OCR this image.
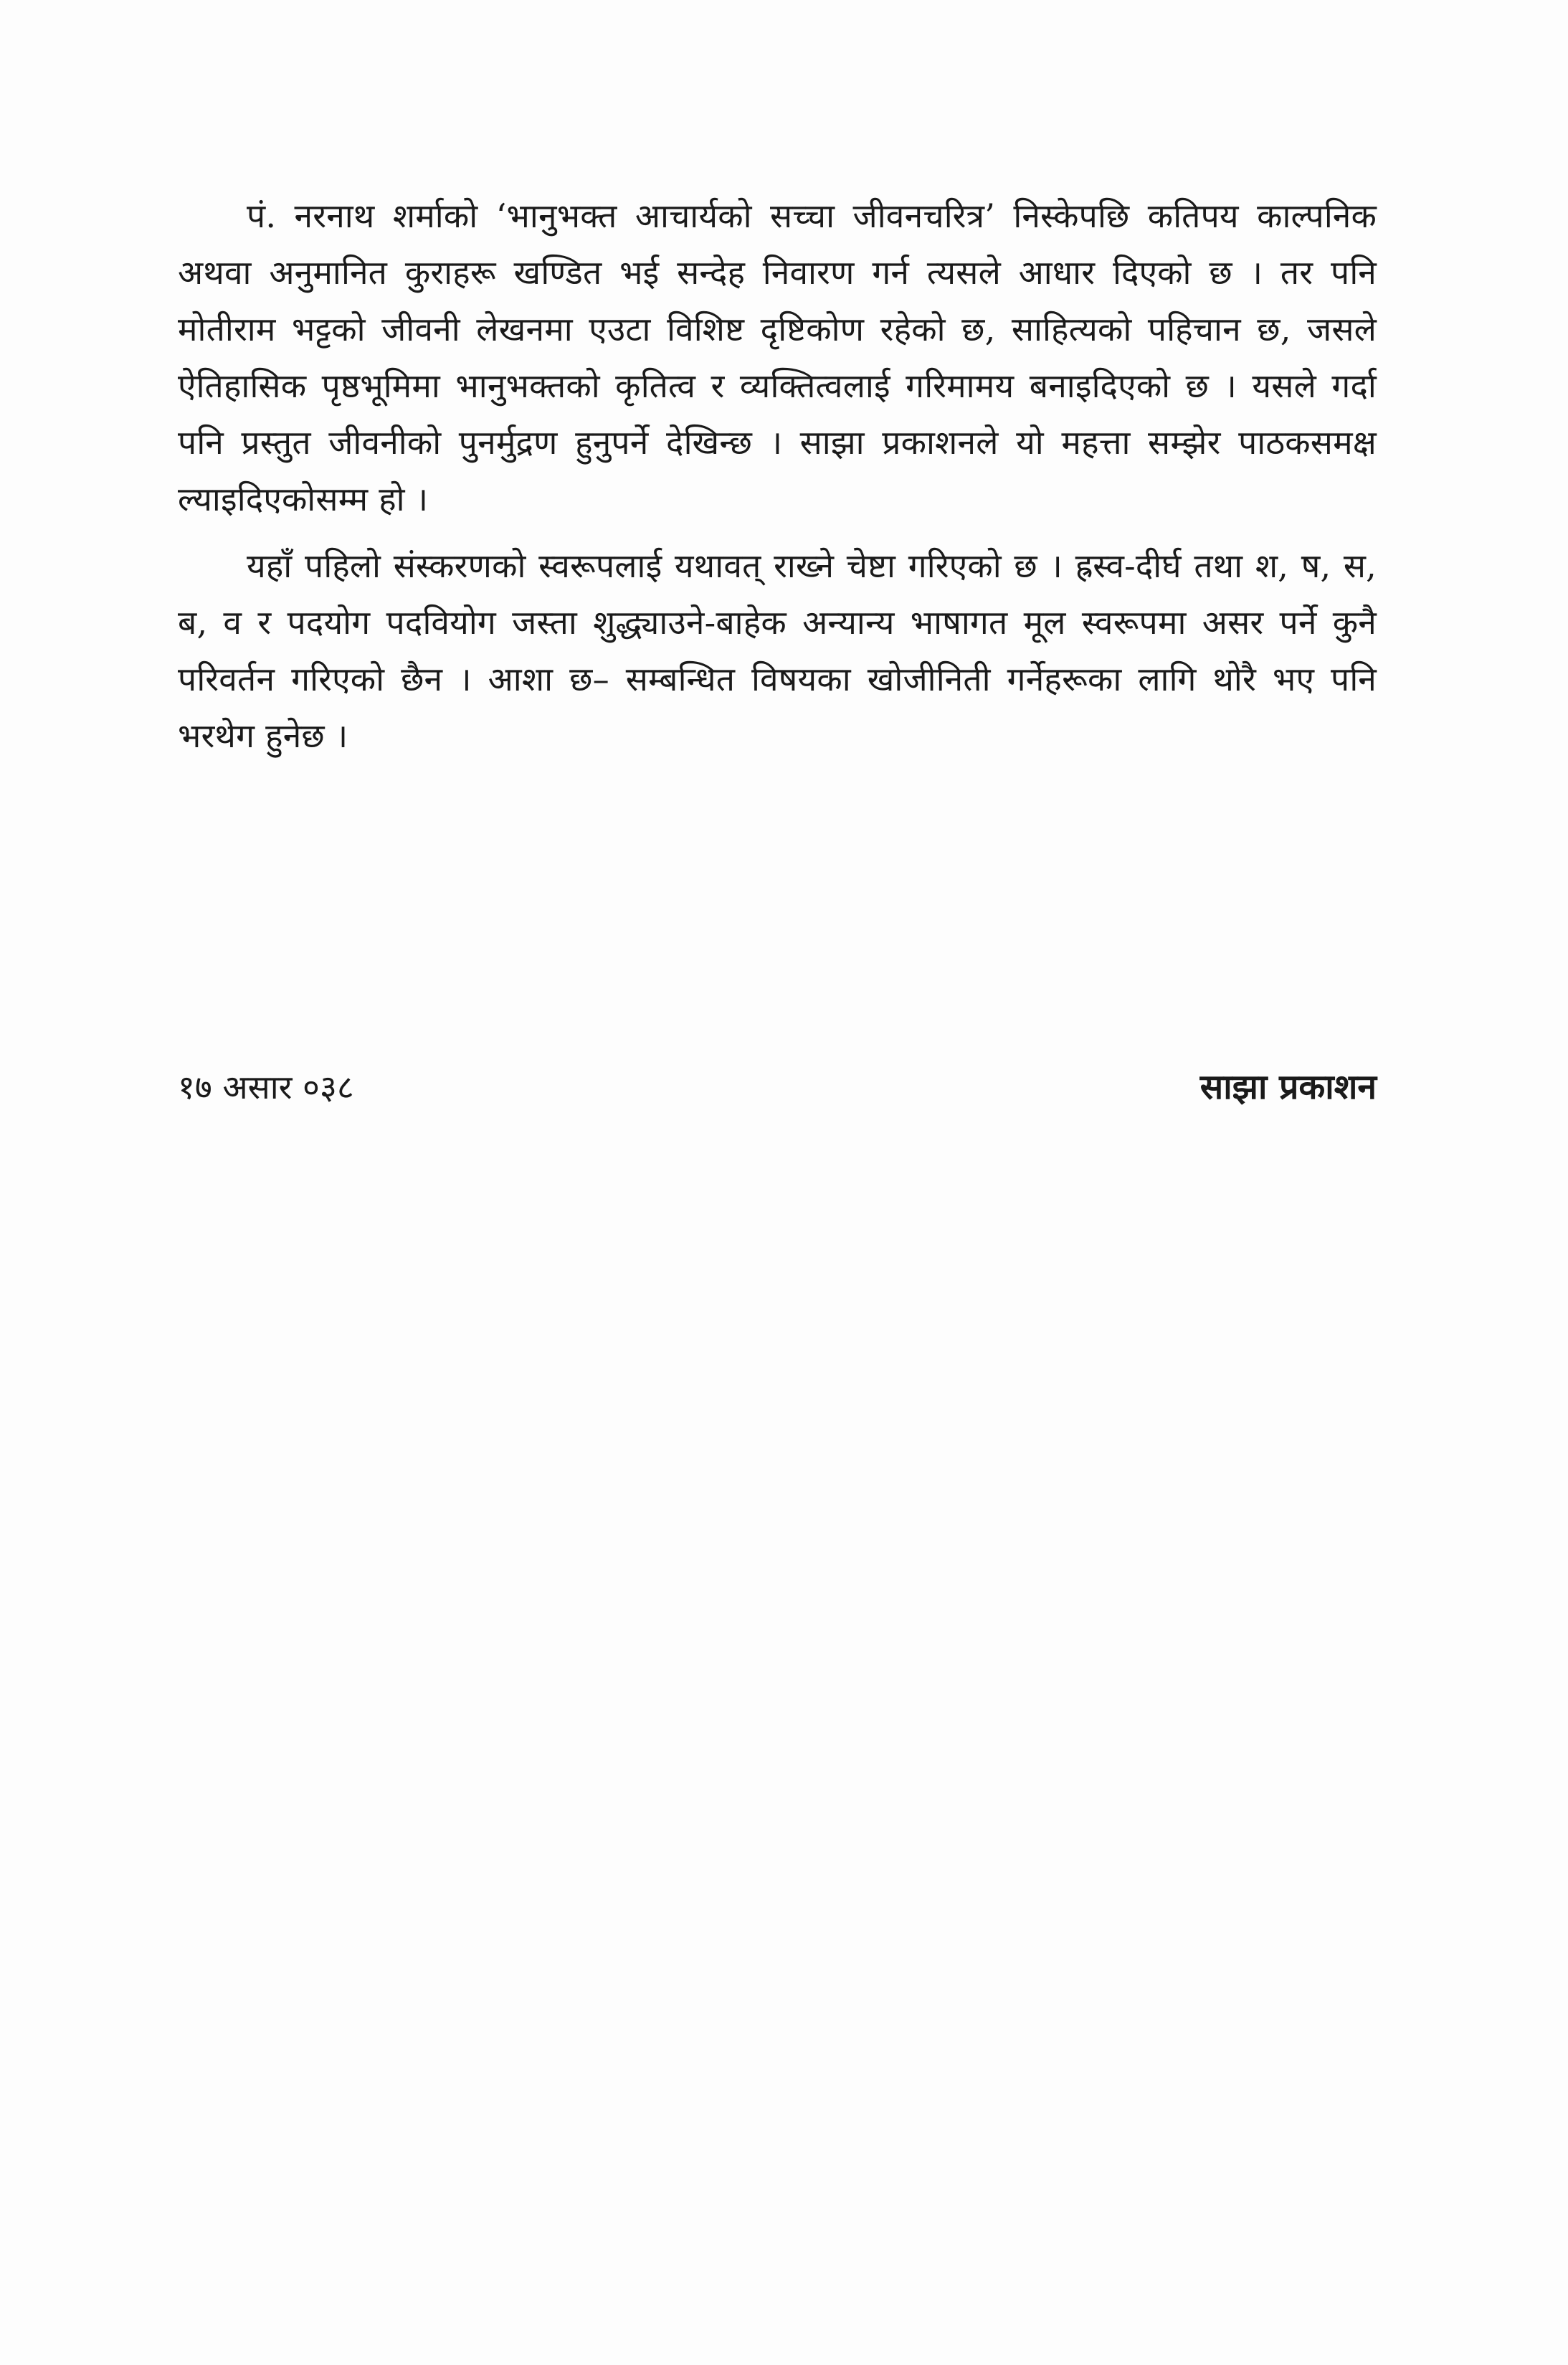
पं. नरनाथ शर्माको ‘भानुभक्त आचार्यको सच्चा जीवनचरित्र’ निस्केपछि कतिपय काल्पनिक अथवा अनुमानित कुराहरू खण्डित भई सन्देह निवारण गर्न त्यसले आधार दिएको छ । तर पनि मोतीराम भट्टको जीवनी लेखनमा एउटा विशिष्ट दृष्टिकोण रहेको छ, साहित्यको पहिचान छ, जसले ऐतिहासिक पृष्ठभूमिमा भानुभक्तको कृतित्व र व्यक्तित्वलाई गरिमामय बनाइदिएको छ । यसले गर्दा पनि प्रस्तुत जीवनीको पुनर्मुद्रण हुनुपर्ने देखिन्छ । साझा प्रकाशनले यो महत्ता सम्झेर पाठकसमक्ष ल्याइदिएकोसम्म हो ।

यहाँ पहिलो संस्करणको स्वरूपलाई यथावत् राख्ने चेष्टा गरिएको छ । ह्रस्व-दीर्घ तथा श, ष, स, ब, व र पदयोग पदवियोग जस्ता शुद्ध्याउने-बाहेक अन्यान्य भाषागत मूल स्वरूपमा असर पर्ने कुनै परिवर्तन गरिएको छैन । आशा छ– सम्बन्धित विषयका खोजीनिती गर्नेहरूका लागि थोरै भए पनि भरथेग हुनेछ ।

१७ असार ०३८	साझा प्रकाशन
